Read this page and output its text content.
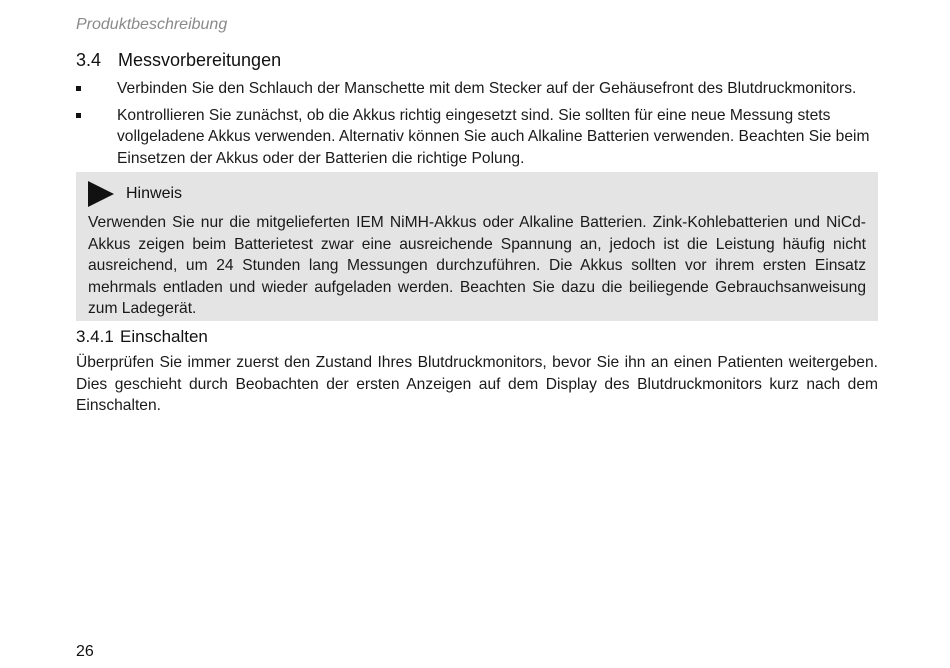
Produktbeschreibung
3.4 Messvorbereitungen
Verbinden Sie den Schlauch der Manschette mit dem Stecker auf der Gehäusefront des Blutdruckmonitors.
Kontrollieren Sie zunächst, ob die Akkus richtig eingesetzt sind. Sie sollten für eine neue Messung stets vollgeladene Akkus verwenden. Alternativ können Sie auch Alkaline Batterien verwenden. Beachten Sie beim Einsetzen der Akkus oder der Batterien die richtige Polung.
Hinweis
Verwenden Sie nur die mitgelieferten IEM NiMH-Akkus oder Alkaline Batterien. Zink-Kohlebatterien und NiCd-Akkus zeigen beim Batterietest zwar eine ausreichende Spannung an, jedoch ist die Leistung häufig nicht ausreichend, um 24 Stunden lang Messungen durchzuführen. Die Akkus sollten vor ihrem ersten Einsatz mehrmals entladen und wieder aufgeladen werden. Beachten Sie dazu die beiliegende Gebrauchsanweisung zum Ladegerät.
3.4.1 Einschalten

Überprüfen Sie immer zuerst den Zustand Ihres Blutdruckmonitors, bevor Sie ihn an einen Patienten weitergeben. Dies geschieht durch Beobachten der ersten Anzeigen auf dem Display des Blutdruckmonitors kurz nach dem Einschalten.

26
